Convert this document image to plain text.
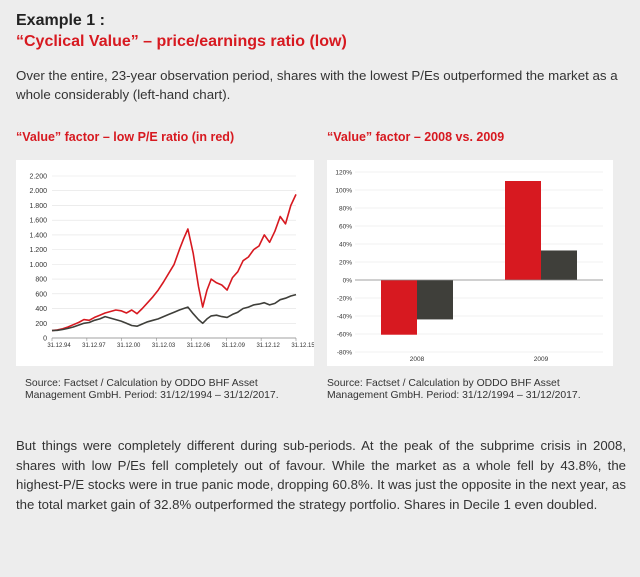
Example 1 :
“Cyclical Value” – price/earnings ratio (low)
Over the entire, 23-year observation period, shares with the lowest P/Es outperformed the market as a whole considerably (left-hand chart).
“Value” factor – low P/E ratio (in red)	“Value” factor – 2008 vs. 2009
0
200
400
600
800
1.000
1.200
1.400
1.600
1.800
2.000
2.200
31.12.94 31.12.97 31.12.00 31.12.03 31.12.06 31.12.09 31.12.12 31.12.15
-80%
-60%
-40%
-20%
0%
20%
40%
60%
80%
100%
120%
2008	2009
Source: Factset / Calculation by ODDO BHF Asset Management GmbH. Period: 31/12/1994 – 31/12/2017.
Source: Factset / Calculation by ODDO BHF Asset Management GmbH. Period: 31/12/1994 – 31/12/2017.
But things were completely different during sub-periods. At the peak of the subprime crisis in 2008, shares with low P/Es fell completely out of favour. While the market as a whole fell by 43.8%, the highest-P/E stocks were in true panic mode, dropping 60.8%. It was just the opposite in the next year, as the total market gain of 32.8% outperformed the strategy portfolio. Shares in Decile 1 even doubled.
